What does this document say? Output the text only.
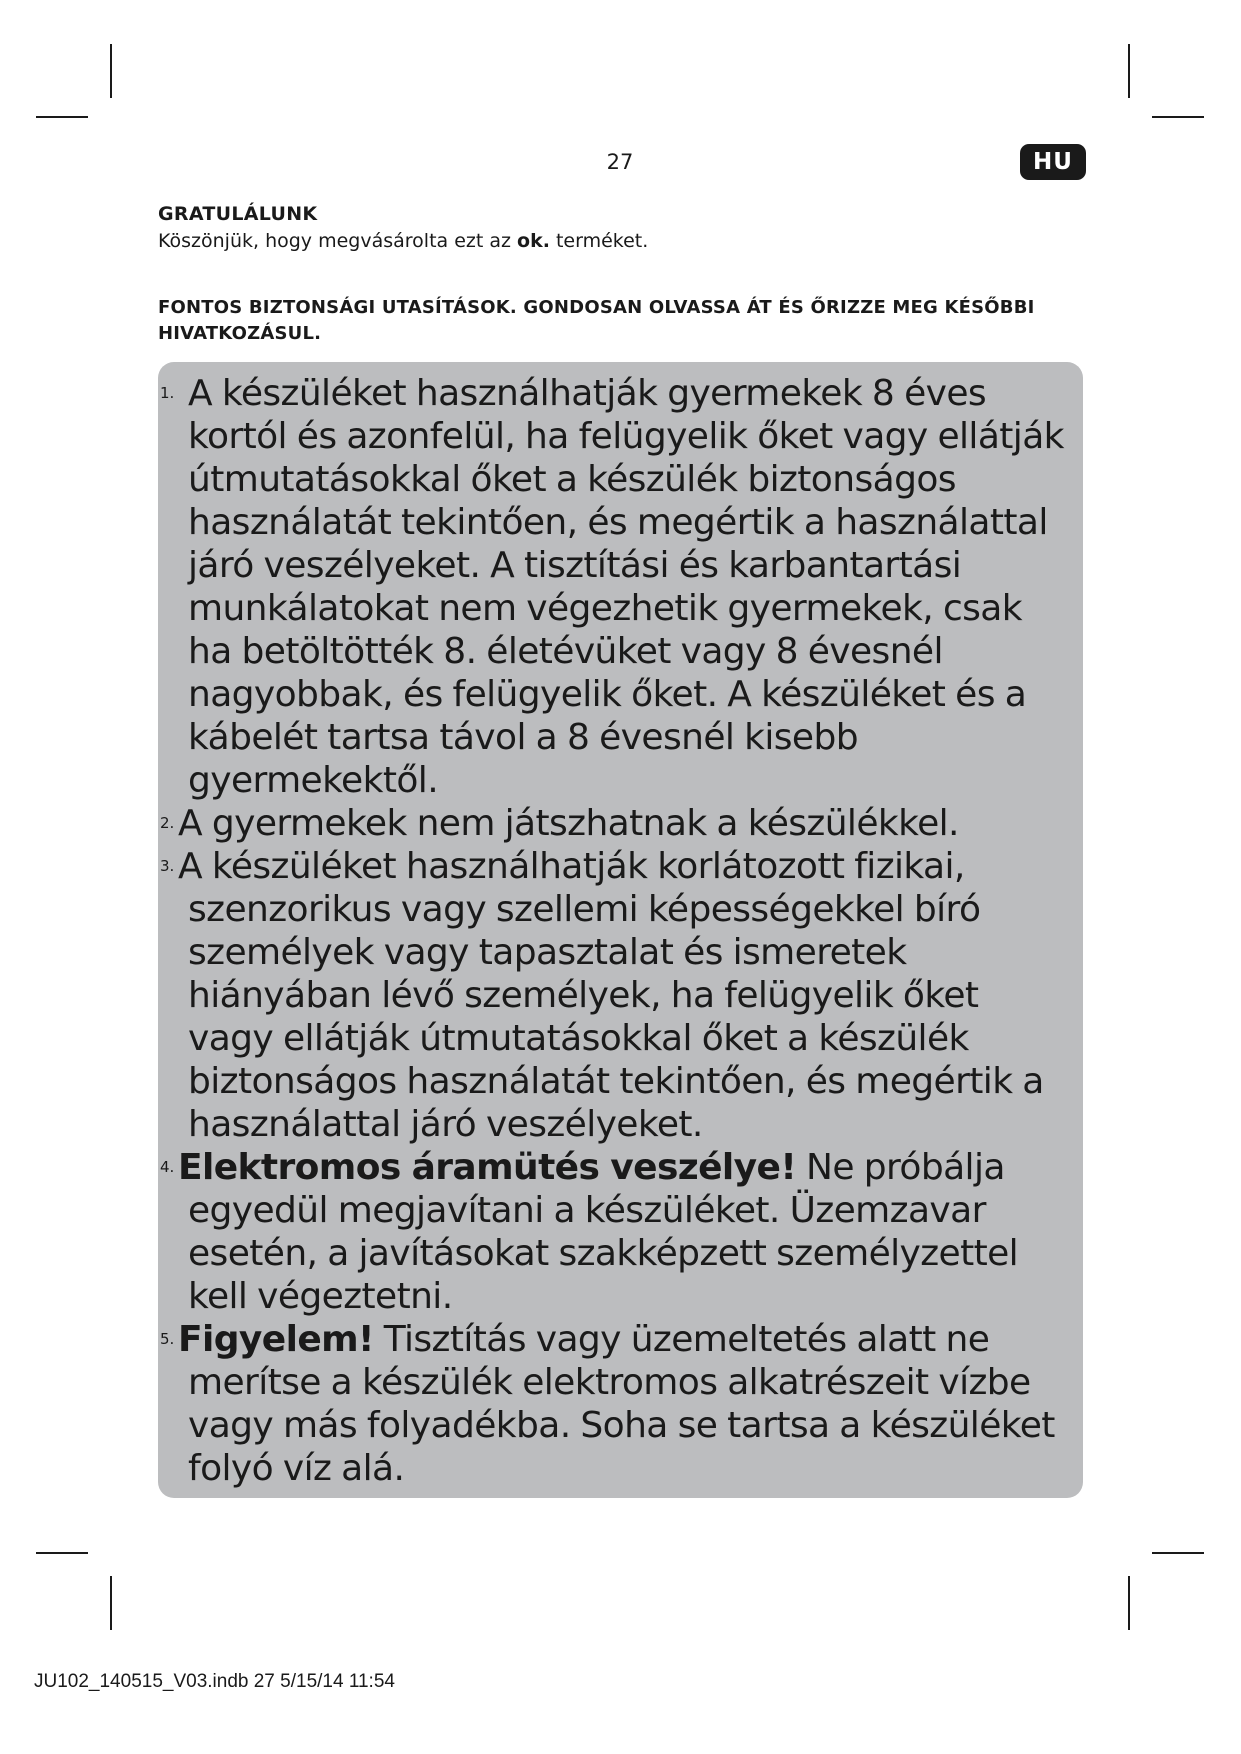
27	HU
GRATULÁLUNK
Köszönjük, hogy megvásárolta ezt az ok. terméket.
FONTOS BIZTONSÁGI UTASÍTÁSOK. GONDOSAN OLVASSA ÁT ÉS ŐRIZZE MEG KÉSŐBBI HIVATKOZÁSUL.
1. A készüléket használhatják gyermekek 8 éves kortól és azonfelül, ha felügyelik őket vagy ellátják útmutatásokkal őket a készülék biztonságos használatát tekintően, és megértik a használattal járó veszélyeket. A tisztítási és karbantartási munkálatokat nem végezhetik gyermekek, csak ha betöltötték 8. életévüket vagy 8 évesnél nagyobbak, és felügyelik őket. A készüléket és a kábelét tartsa távol a 8 évesnél kisebb gyermekektől.
2. A gyermekek nem játszhatnak a készülékkel.
3. A készüléket használhatják korlátozott fizikai, szenzorikus vagy szellemi képességekkel bíró személyek vagy tapasztalat és ismeretek hiányában lévő személyek, ha felügyelik őket vagy ellátják útmutatásokkal őket a készülék biztonságos használatát tekintően, és megértik a használattal járó veszélyeket.
4. Elektromos áramütés veszélye! Ne próbálja egyedül megjavítani a készüléket. Üzemzavar esetén, a javításokat szakképzett személyzettel kell végeztetni.
5. Figyelem! Tisztítás vagy üzemeltetés alatt ne merítse a készülék elektromos alkatrészeit vízbe vagy más folyadékba. Soha se tartsa a készüléket folyó víz alá.
JU102_140515_V03.indb 27 5/15/14 11:54
